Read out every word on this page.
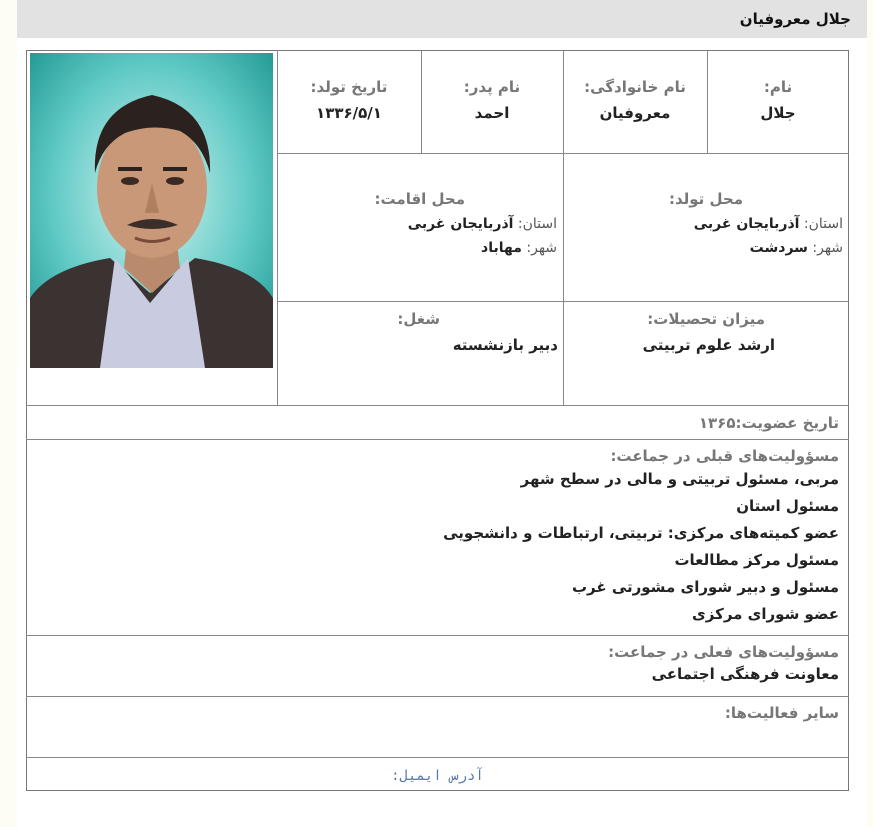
جلال معروفیان
نام:
جلال
نام خانوادگی:
معروفیان
نام پدر:
احمد
تاریخ تولد:
۱۳۳۶/۵/۱
محل تولد:
استان: آذربایجان غربی
شهر: سردشت
محل اقامت:
استان: آذربایجان غربی
شهر: مهاباد
میزان تحصیلات:
ارشد علوم تربیتی
شغل:
دبیر بازنشسته
تاریخ عضویت:۱۳۶۵
مسؤولیت‌های قبلی در جماعت:
مربی، مسئول تربیتی و مالی در سطح شهر
مسئول استان
عضو کمیته‌های مرکزی: تربیتی، ارتباطات و دانشجویی
مسئول مرکز مطالعات
مسئول و دبیر شورای مشورتی غرب
عضو شورای مرکزی
مسؤولیت‌های فعلی در جماعت:
معاونت فرهنگی اجتماعی
سایر فعالیت‌ها:
آدرس ایمیل:
